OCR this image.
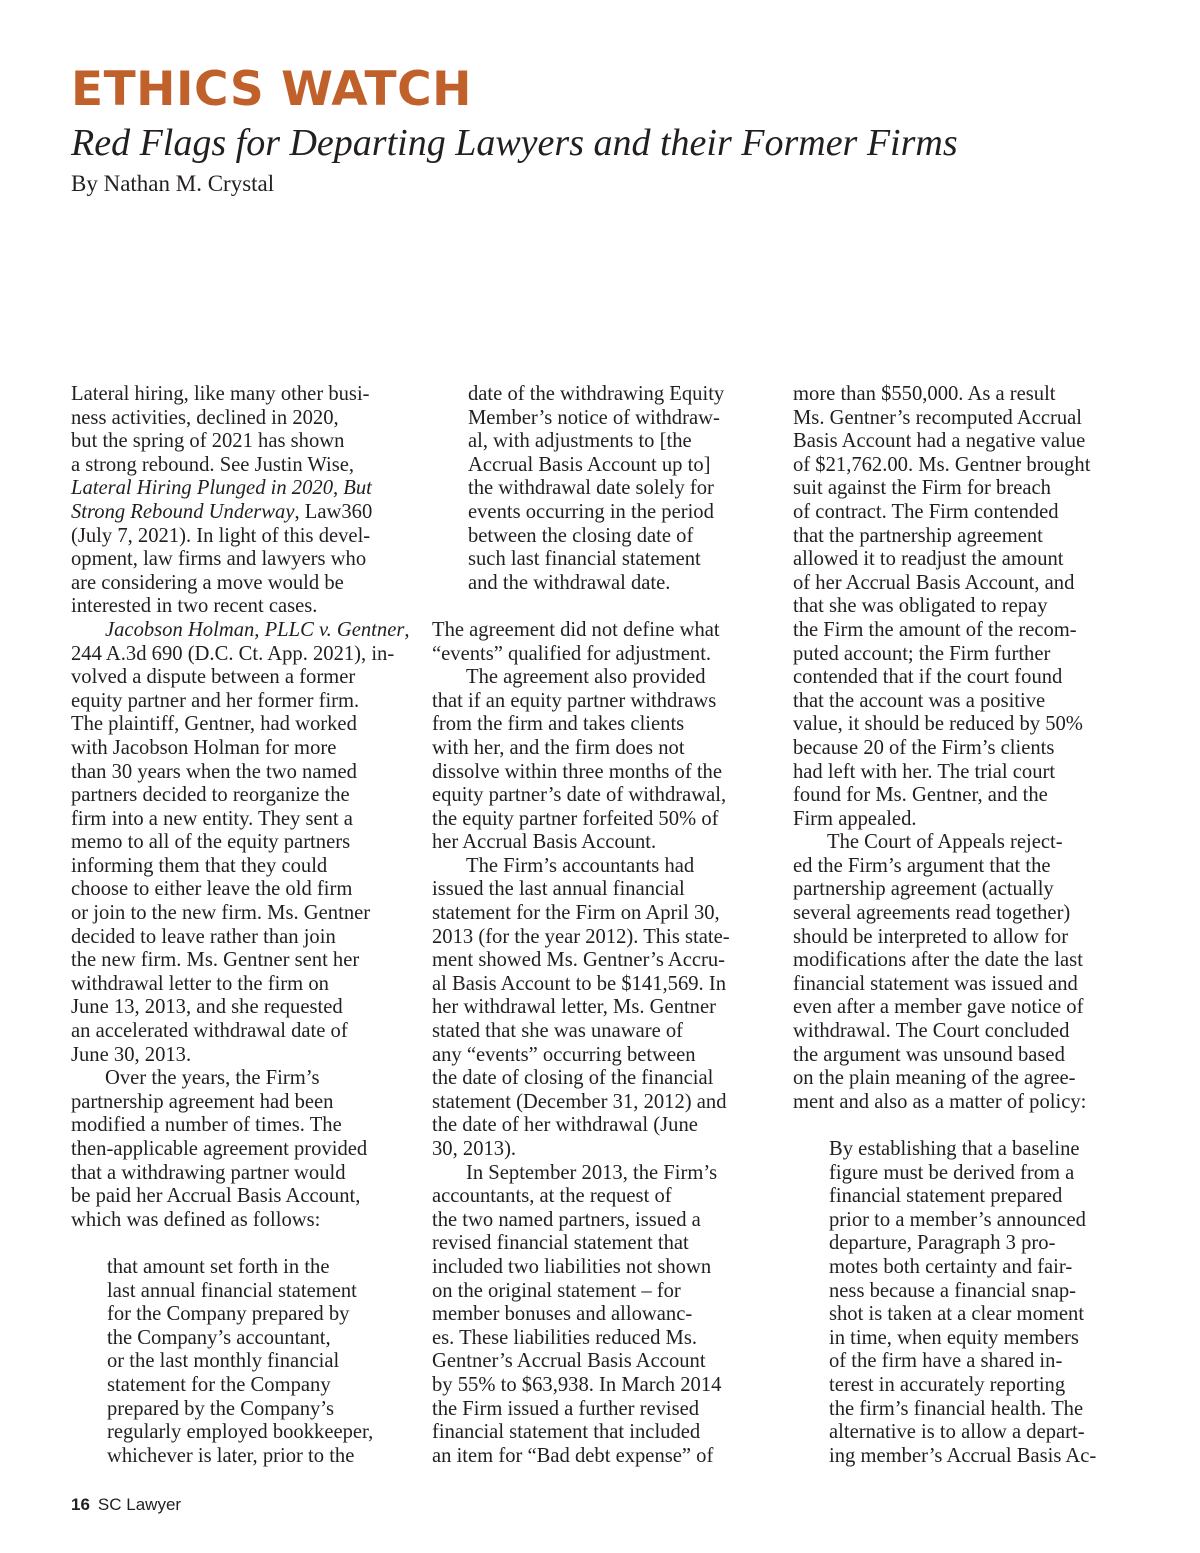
ETHICS WATCH
Red Flags for Departing Lawyers and their Former Firms
By Nathan M. Crystal
Lateral hiring, like many other busi-
ness activities, declined in 2020,
but the spring of 2021 has shown
a strong rebound. See Justin Wise,
Lateral Hiring Plunged in 2020, But
Strong Rebound Underway, Law360
(July 7, 2021). In light of this devel-
opment, law firms and lawyers who
are considering a move would be
interested in two recent cases.
Jacobson Holman, PLLC v. Gentner,
244 A.3d 690 (D.C. Ct. App. 2021), in-
volved a dispute between a former
equity partner and her former firm.
The plaintiff, Gentner, had worked
with Jacobson Holman for more
than 30 years when the two named
partners decided to reorganize the
firm into a new entity. They sent a
memo to all of the equity partners
informing them that they could
choose to either leave the old firm
or join to the new firm. Ms. Gentner
decided to leave rather than join
the new firm. Ms. Gentner sent her
withdrawal letter to the firm on
June 13, 2013, and she requested
an accelerated withdrawal date of
June 30, 2013.
Over the years, the Firm’s
partnership agreement had been
modified a number of times. The
then-applicable agreement provided
that a withdrawing partner would
be paid her Accrual Basis Account,
which was defined as follows:
that amount set forth in the
last annual financial statement
for the Company prepared by
the Company’s accountant,
or the last monthly financial
statement for the Company
prepared by the Company’s
regularly employed bookkeeper,
whichever is later, prior to the
date of the withdrawing Equity
Member’s notice of withdraw-
al, with adjustments to [the
Accrual Basis Account up to]
the withdrawal date solely for
events occurring in the period
between the closing date of
such last financial statement
and the withdrawal date.
The agreement did not define what
“events” qualified for adjustment.
The agreement also provided
that if an equity partner withdraws
from the firm and takes clients
with her, and the firm does not
dissolve within three months of the
equity partner’s date of withdrawal,
the equity partner forfeited 50% of
her Accrual Basis Account.
The Firm’s accountants had
issued the last annual financial
statement for the Firm on April 30,
2013 (for the year 2012). This state-
ment showed Ms. Gentner’s Accru-
al Basis Account to be $141,569. In
her withdrawal letter, Ms. Gentner
stated that she was unaware of
any “events” occurring between
the date of closing of the financial
statement (December 31, 2012) and
the date of her withdrawal (June
30, 2013).
In September 2013, the Firm’s
accountants, at the request of
the two named partners, issued a
revised financial statement that
included two liabilities not shown
on the original statement – for
member bonuses and allowanc-
es. These liabilities reduced Ms.
Gentner’s Accrual Basis Account
by 55% to $63,938. In March 2014
the Firm issued a further revised
financial statement that included
an item for “Bad debt expense” of
more than $550,000. As a result
Ms. Gentner’s recomputed Accrual
Basis Account had a negative value
of $21,762.00. Ms. Gentner brought
suit against the Firm for breach
of contract. The Firm contended
that the partnership agreement
allowed it to readjust the amount
of her Accrual Basis Account, and
that she was obligated to repay
the Firm the amount of the recom-
puted account; the Firm further
contended that if the court found
that the account was a positive
value, it should be reduced by 50%
because 20 of the Firm’s clients
had left with her. The trial court
found for Ms. Gentner, and the
Firm appealed.
The Court of Appeals reject-
ed the Firm’s argument that the
partnership agreement (actually
several agreements read together)
should be interpreted to allow for
modifications after the date the last
financial statement was issued and
even after a member gave notice of
withdrawal. The Court concluded
the argument was unsound based
on the plain meaning of the agree-
ment and also as a matter of policy:
By establishing that a baseline
figure must be derived from a
financial statement prepared
prior to a member’s announced
departure, Paragraph 3 pro-
motes both certainty and fair-
ness because a financial snap-
shot is taken at a clear moment
in time, when equity members
of the firm have a shared in-
terest in accurately reporting
the firm’s financial health. The
alternative is to allow a depart-
ing member’s Accrual Basis Ac-
16 SC Lawyer
